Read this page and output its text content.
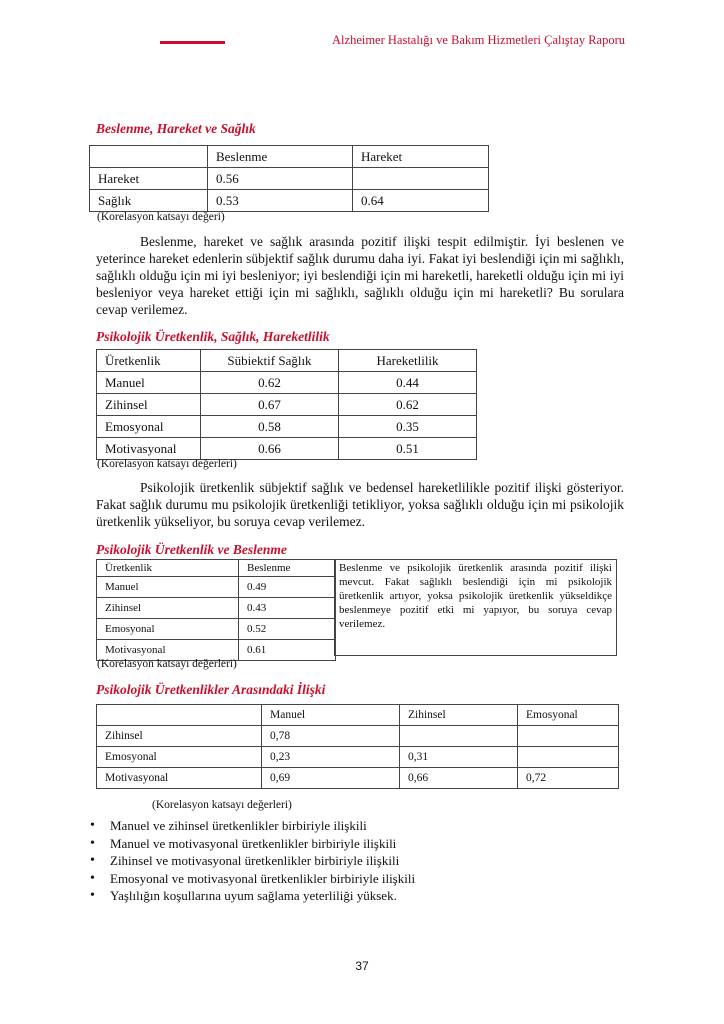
Alzheimer Hastalığı ve Bakım Hizmetleri Çalıştay Raporu
Beslenme, Hareket ve Sağlık
	Beslenme	Hareket
Hareket	0.56	
Sağlık	0.53	0.64
(Korelasyon katsayı değeri)

Beslenme, hareket ve sağlık arasında pozitif ilişki tespit edilmiştir. İyi beslenen ve yeterince hareket edenlerin sübjektif sağlık durumu daha iyi. Fakat iyi beslendiği için mi sağlıklı, sağlıklı olduğu için mi iyi besleniyor; iyi beslendiği için mi hareketli, hareketli olduğu için mi iyi besleniyor veya hareket ettiği için mi sağlıklı, sağlıklı olduğu için mi hareketli? Bu sorulara cevap verilemez.

Psikolojik Üretkenlik, Sağlık, Hareketlilik
Üretkenlik	Sübiektif Sağlık	Hareketlilik
Manuel	0.62	0.44
Zihinsel	0.67	0.62
Emosyonal	0.58	0.35
Motivasyonal	0.66	0.51
(Korelasyon katsayı değerleri)

Psikolojik üretkenlik sübjektif sağlık ve bedensel hareketlilikle pozitif ilişki gösteriyor. Fakat sağlık durumu mu psikolojik üretkenliği tetikliyor, yoksa sağlıklı olduğu için mi psikolojik üretkenlik yükseliyor, bu soruya cevap verilemez.

Psikolojik Üretkenlik ve Beslenme
Üretkenlik	Beslenme
Manuel	0.49
Zihinsel	0.43
Emosyonal	0.52
Motivasyonal	0.61
Beslenme ve psikolojik üretkenlik arasında pozitif ilişki mevcut. Fakat sağlıklı beslendiği için mi psikolojik üretkenlik artıyor, yoksa psikolojik üretkenlik yükseldikçe beslenmeye pozitif etki mi yapıyor, bu soruya cevap verilemez.
(Korelasyon katsayı değerleri)
Psikolojik Üretkenlikler Arasındaki İlişki
	Manuel	Zihinsel	Emosyonal
Zihinsel	0,78		
Emosyonal	0,23	0,31	
Motivasyonal	0,69	0,66	0,72
(Korelasyon katsayı değerleri)
• Manuel ve zihinsel üretkenlikler birbiriyle ilişkili
• Manuel ve motivasyonal üretkenlikler birbiriyle ilişkili
• Zihinsel ve motivasyonal üretkenlikler birbiriyle ilişkili
• Emosyonal ve motivasyonal üretkenlikler birbiriyle ilişkili
• Yaşlılığın koşullarına uyum sağlama yeterliliği yüksek.
37
